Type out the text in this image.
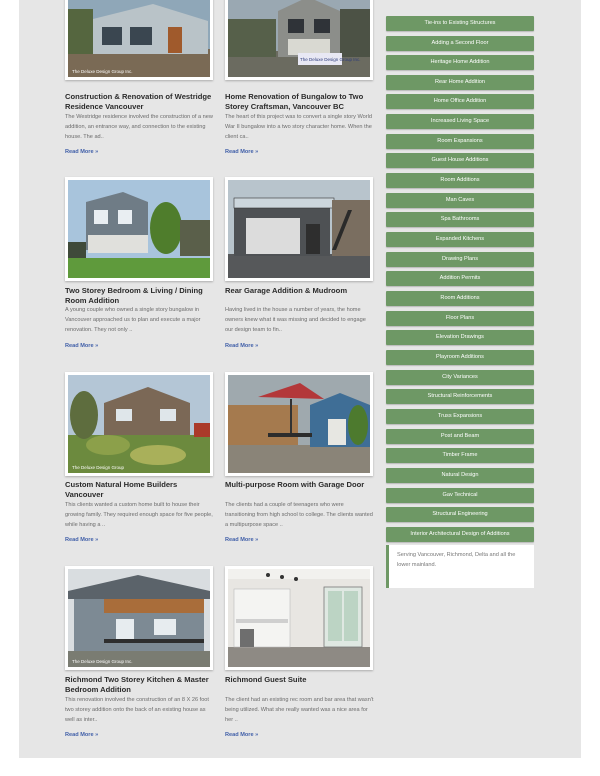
The Deluxe Design Group Inc.
Construction & Renovation of Westridge Residence Vancouver
The Westridge residence involved the construction of a new addition, an entrance way, and connection to the existing house. The ad..
Read More »
The Deluxe Design Group Inc.
Home Renovation of Bungalow to Two Storey Craftsman, Vancouver BC
The heart of this project was to convert a single story World War II bungalow into a two story character home. When the client ca..
Read More »
Two Storey Bedroom & Living / Dining Room Addition
A young couple who owned a single story bungalow in Vancouver approached us to plan and execute a major renovation. They not only ..
Read More »
Rear Garage Addition & Mudroom
Having lived in the house a number of years, the home owners knew what it was missing and decided to engage our design team to fin..
Read More »
The Deluxe Design Group
Custom Natural Home Builders Vancouver
This clients wanted a custom home built to house their growing family. They required enough space for five people, while having a ..
Read More »
Multi-purpose Room with Garage Door
The clients had a couple of teenagers who were transitioning from high school to college. The clients wanted a multipurpose space ..
Read More »
The Deluxe Design Group Inc.
Richmond Two Storey Kitchen & Master Bedroom Addition
This renovation involved the construction of an 8 X 26 foot two storey addition onto the back of an existing house as well as inter..
Read More »
Richmond Guest Suite
The client had an existing rec room and bar area that wasn't being utilized. What she really wanted was a nice area for her ..
Read More »
Tie-ins to Existing Structures
Adding a Second Floor
Heritage Home Addition
Rear Home Addition
Home Office Addition
Increased Living Space
Room Expansions
Guest House Additions
Room Additions
Man Caves
Spa Bathrooms
Expanded Kitchens
Drawing Plans
Addition Permits
Room Additions
Floor Plans
Elevation Drawings
Playroom Additions
City Variances
Structural Reinforcements
Truss Expansions
Post and Beam
Timber Frame
Natural Design
Gav Technical
Structural Engineering
Interior Architectural Design of Additions
Serving Vancouver, Richmond, Delta and all the lower mainland.
